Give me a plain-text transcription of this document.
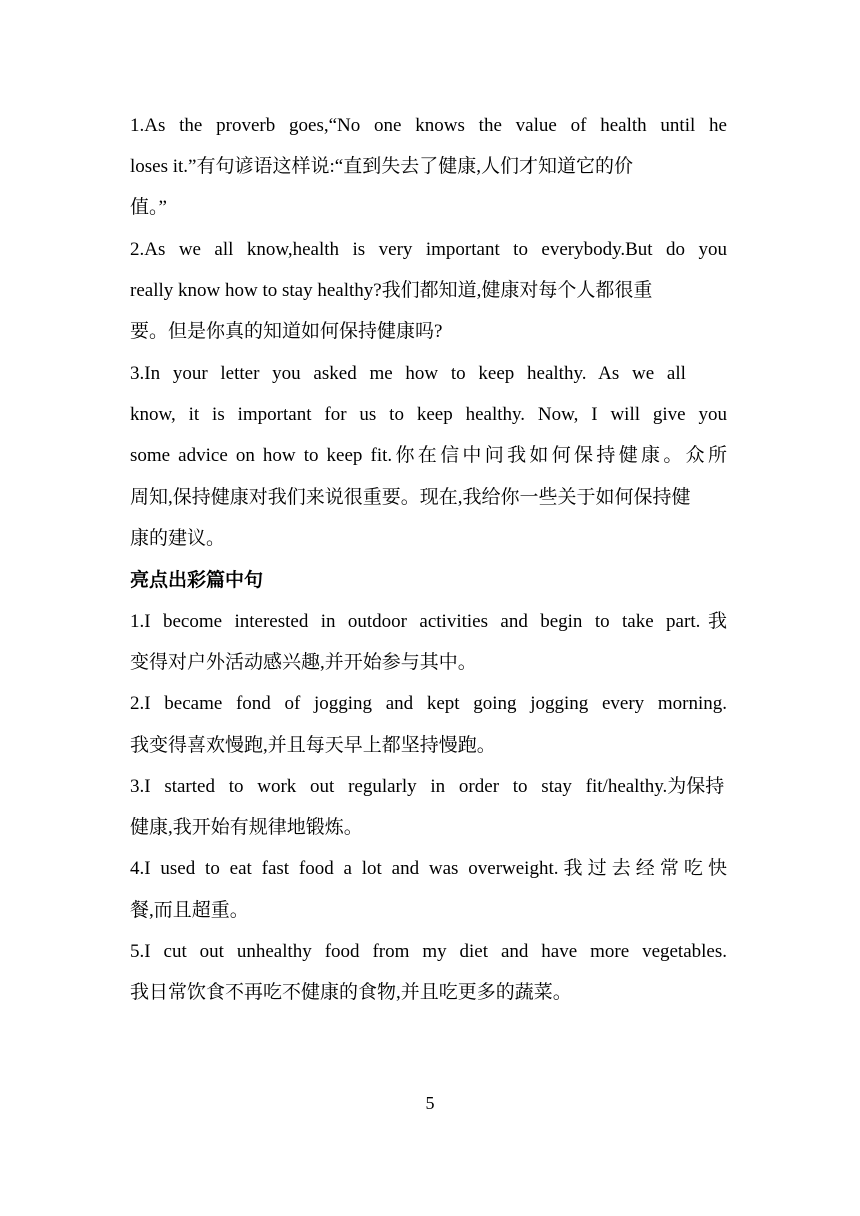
1.As the proverb goes,“No one knows the value of health until he
loses it.”有句谚语这样说:“直到失去了健康,人们才知道它的价
值。”
2.As we all know,health is very important to everybody.But do you
really know how to stay healthy?我们都知道,健康对每个人都很重
要。但是你真的知道如何保持健康吗?
3.In your letter you asked me how to keep healthy. As we all
know, it is important for us to keep healthy. Now, I will give you
some advice on how to keep fit.你在信中问我如何保持健康。众所
周知,保持健康对我们来说很重要。现在,我给你一些关于如何保持健
康的建议。
亮点出彩篇中句
1.I become interested in outdoor activities and begin to take part.我
变得对户外活动感兴趣,并开始参与其中。
2.I became fond of jogging and kept going jogging every morning.
我变得喜欢慢跑,并且每天早上都坚持慢跑。
3.I started to work out regularly in order to stay fit/healthy.为保持
健康,我开始有规律地锻炼。
4.I used to eat fast food a lot and was overweight.我过去经常吃快
餐,而且超重。
5.I cut out unhealthy food from my diet and have more vegetables.
我日常饮食不再吃不健康的食物,并且吃更多的蔬菜。
5
